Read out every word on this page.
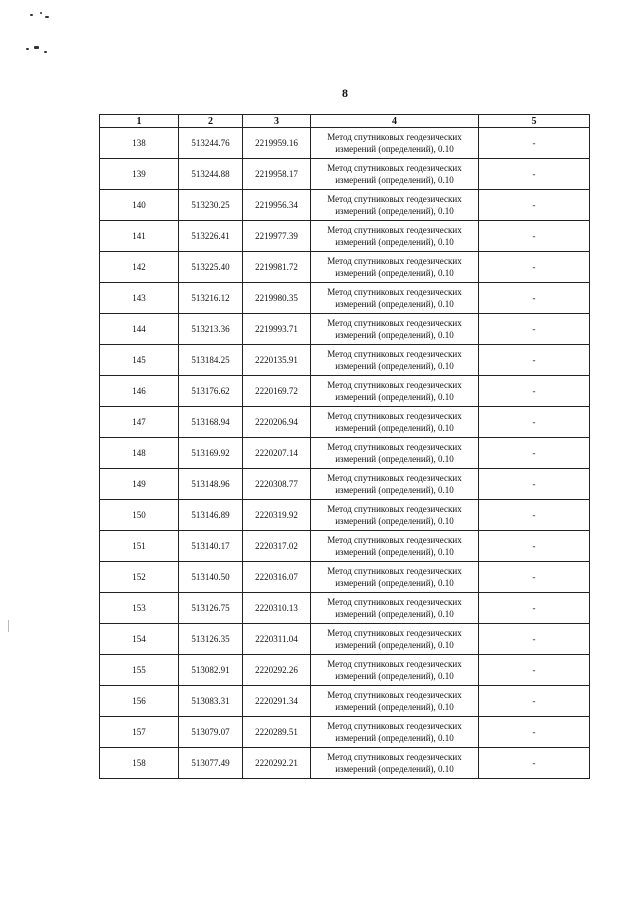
8
1	2	3	4	5
138	513244.76	2219959.16	Метод спутниковых геодезических
измерений (определений), 0.10	-
139	513244.88	2219958.17	Метод спутниковых геодезических
измерений (определений), 0.10	-
140	513230.25	2219956.34	Метод спутниковых геодезических
измерений (определений), 0.10	-
141	513226.41	2219977.39	Метод спутниковых геодезических
измерений (определений), 0.10	-
142	513225.40	2219981.72	Метод спутниковых геодезических
измерений (определений), 0.10	-
143	513216.12	2219980.35	Метод спутниковых геодезических
измерений (определений), 0.10	-
144	513213.36	2219993.71	Метод спутниковых геодезических
измерений (определений), 0.10	-
145	513184.25	2220135.91	Метод спутниковых геодезических
измерений (определений), 0.10	-
146	513176.62	2220169.72	Метод спутниковых геодезических
измерений (определений), 0.10	-
147	513168.94	2220206.94	Метод спутниковых геодезических
измерений (определений), 0.10	-
148	513169.92	2220207.14	Метод спутниковых геодезических
измерений (определений), 0.10	-
149	513148.96	2220308.77	Метод спутниковых геодезических
измерений (определений), 0.10	-
150	513146.89	2220319.92	Метод спутниковых геодезических
измерений (определений), 0.10	-
151	513140.17	2220317.02	Метод спутниковых геодезических
измерений (определений), 0.10	-
152	513140.50	2220316.07	Метод спутниковых геодезических
измерений (определений), 0.10	-
153	513126.75	2220310.13	Метод спутниковых геодезических
измерений (определений), 0.10	-
154	513126.35	2220311.04	Метод спутниковых геодезических
измерений (определений), 0.10	-
155	513082.91	2220292.26	Метод спутниковых геодезических
измерений (определений), 0.10	-
156	513083.31	2220291.34	Метод спутниковых геодезических
измерений (определений), 0.10	-
157	513079.07	2220289.51	Метод спутниковых геодезических
измерений (определений), 0.10	-
158	513077.49	2220292.21	Метод спутниковых геодезических
измерений (определений), 0.10	-
